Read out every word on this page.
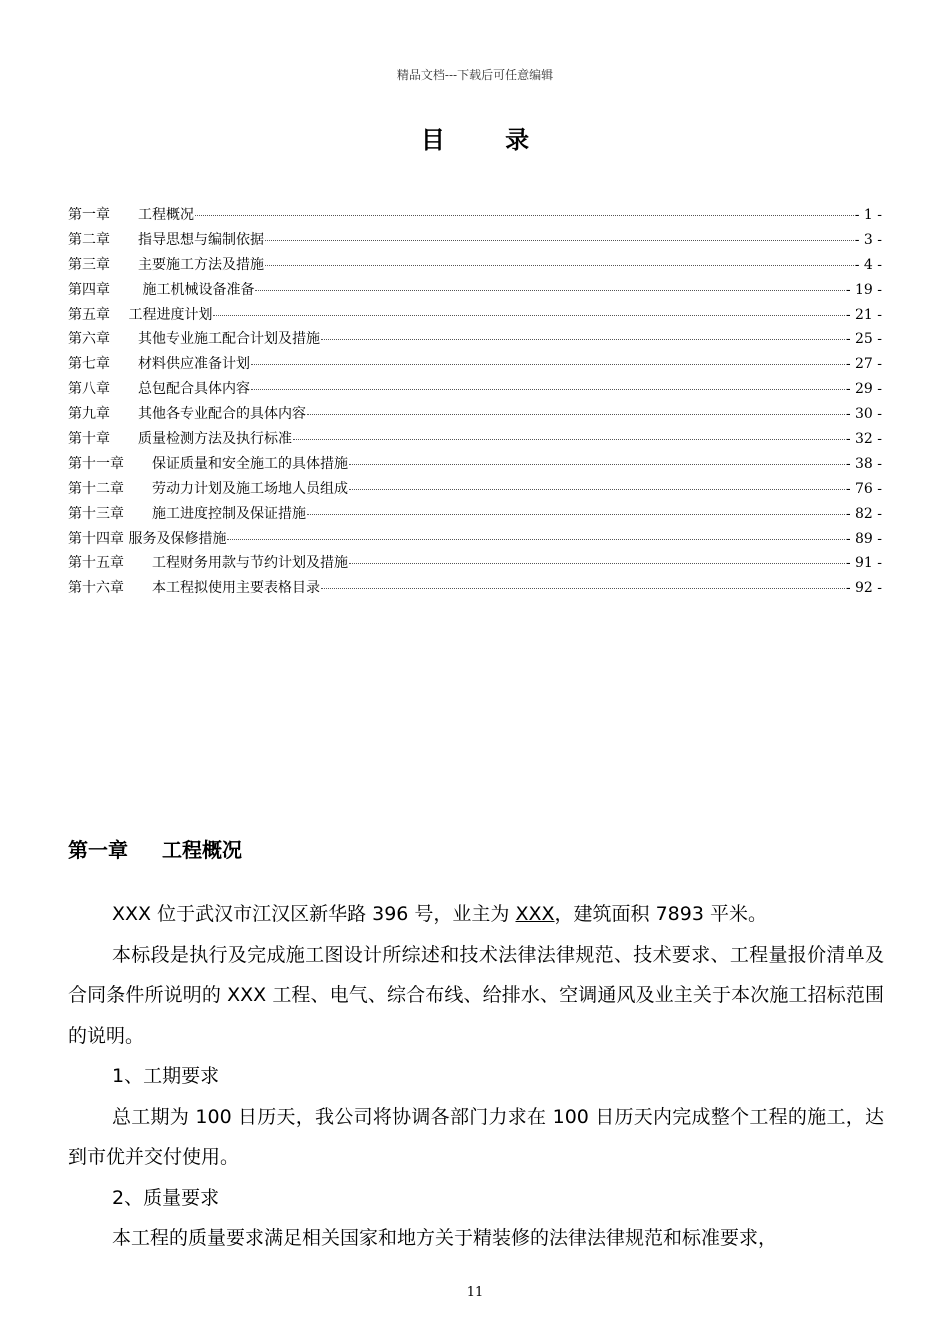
精品文档---下载后可任意编辑
目 录
第一章　　工程概况	- 1 -
第二章　　指导思想与编制依据	- 3 -
第三章　　主要施工方法及措施	- 4 -
第四章　　 施工机械设备准备	- 19 -
第五章　 工程进度计划	- 21 -
第六章　　其他专业施工配合计划及措施	- 25 -
第七章　　材料供应准备计划	- 27 -
第八章　　总包配合具体内容	- 29 -
第九章　　其他各专业配合的具体内容	- 30 -
第十章　　质量检测方法及执行标准	- 32 -
第十一章　　保证质量和安全施工的具体措施	- 38 -
第十二章　　劳动力计划及施工场地人员组成	- 76 -
第十三章　　施工进度控制及保证措施	- 82 -
第十四章 服务及保修措施	- 89 -
第十五章　　工程财务用款与节约计划及措施	- 91 -
第十六章　　本工程拟使用主要表格目录	- 92 -
第一章 工程概况

XXX 位于武汉市江汉区新华路 396 号，业主为 XXX，建筑面积 7893 平米。

本标段是执行及完成施工图设计所综述和技术法律法律规范、技术要求、工程量报价清单及合同条件所说明的 XXX 工程、电气、综合布线、给排水、空调通风及业主关于本次施工招标范围的说明。

1、工期要求

总工期为 100 日历天，我公司将协调各部门力求在 100 日历天内完成整个工程的施工，达到市优并交付使用。

2、质量要求

本工程的质量要求满足相关国家和地方关于精装修的法律法律规范和标准要求，

11
